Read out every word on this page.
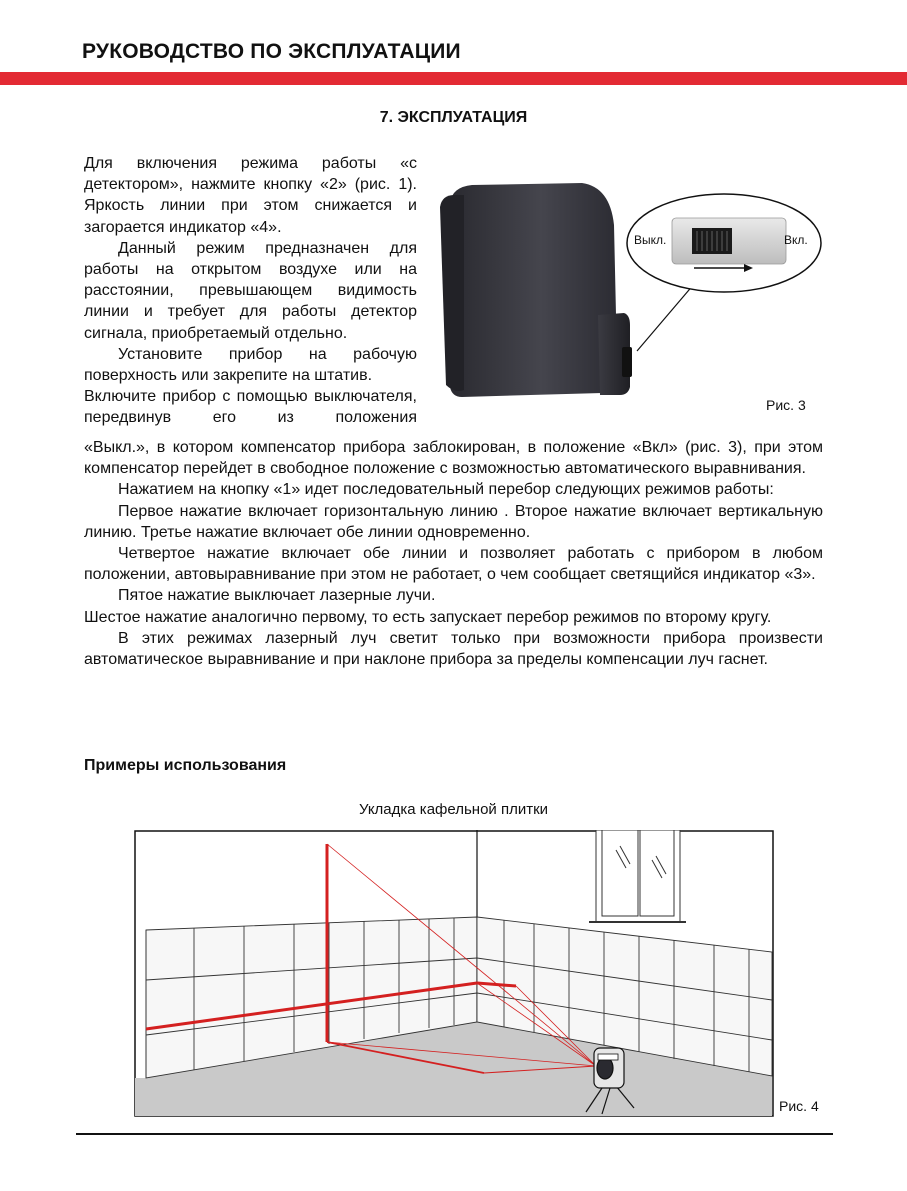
РУКОВОДСТВО ПО ЭКСПЛУАТАЦИИ
7. ЭКСПЛУАТАЦИЯ

Для включения режима работы «с детектором», нажмите кнопку «2» (рис. 1). Яркость линии при этом снижается и загорается индикатор «4».

Данный режим предназначен для работы на открытом воздухе или на расстоянии, превышающем видимость линии и требует для работы детектор сигнала, приобретаемый отдельно.

Установите прибор на рабочую поверхность или закрепите на штатив.

Включите прибор с помощью выключателя, передвинув его из положения

Выкл.	Вкл.
Рис. 3

«Выкл.», в котором компенсатор прибора заблокирован, в положение «Вкл» (рис. 3), при этом компенсатор перейдет в свободное положение с возможностью автоматического выравнивания.

Нажатием на кнопку «1» идет последовательный перебор следующих режимов работы:

Первое нажатие включает горизонтальную линию . Второе нажатие включает вертикальную линию. Третье нажатие включает обе линии одновременно.

Четвертое нажатие включает обе линии и позволяет работать с прибором в любом положении, автовыравнивание при этом не работает, о чем сообщает светящийся индикатор «3».

Пятое нажатие выключает лазерные лучи.

Шестое нажатие аналогично первому, то есть запускает перебор режимов по второму кругу.

В этих режимах лазерный луч светит только при возможности прибора произвести автоматическое выравнивание и при наклоне прибора за пределы компенсации луч гаснет.

Примеры использования
Укладка кафельной плитки
Рис. 4
